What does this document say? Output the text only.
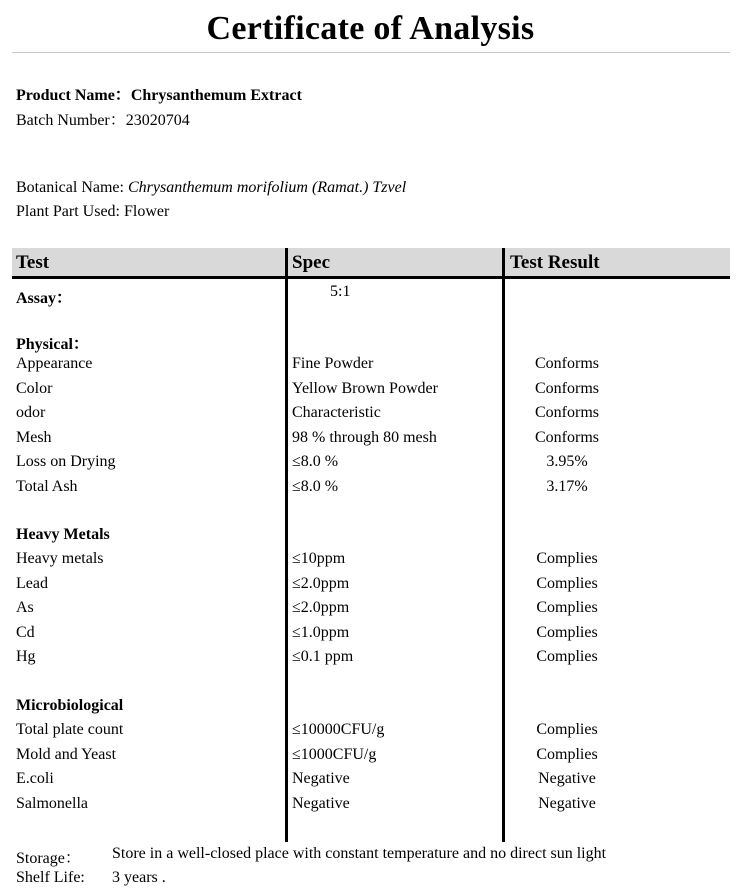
Certificate of Analysis
Product Name：Chrysanthemum Extract
Batch Number：23020704
Botanical Name: Chrysanthemum morifolium (Ramat.) Tzvel
Plant Part Used: Flower
Test	Spec	Test Result
Assay：	5:1
Physical：
Appearance	Fine Powder	Conforms
Color	Yellow Brown Powder	Conforms
odor	Characteristic	Conforms
Mesh	98 % through 80 mesh	Conforms
Loss on Drying	≤8.0 %	3.95%
Total Ash	≤8.0 %	3.17%
Heavy Metals
Heavy metals	≤10ppm	Complies
Lead	≤2.0ppm	Complies
As	≤2.0ppm	Complies
Cd	≤1.0ppm	Complies
Hg	≤0.1 ppm	Complies
Microbiological
Total plate count	≤10000CFU/g	Complies
Mold and Yeast	≤1000CFU/g	Complies
E.coli	Negative	Negative
Salmonella	Negative	Negative
Storage： Store in a well-closed place with constant temperature and no direct sun light
Shelf Life: 3 years .
